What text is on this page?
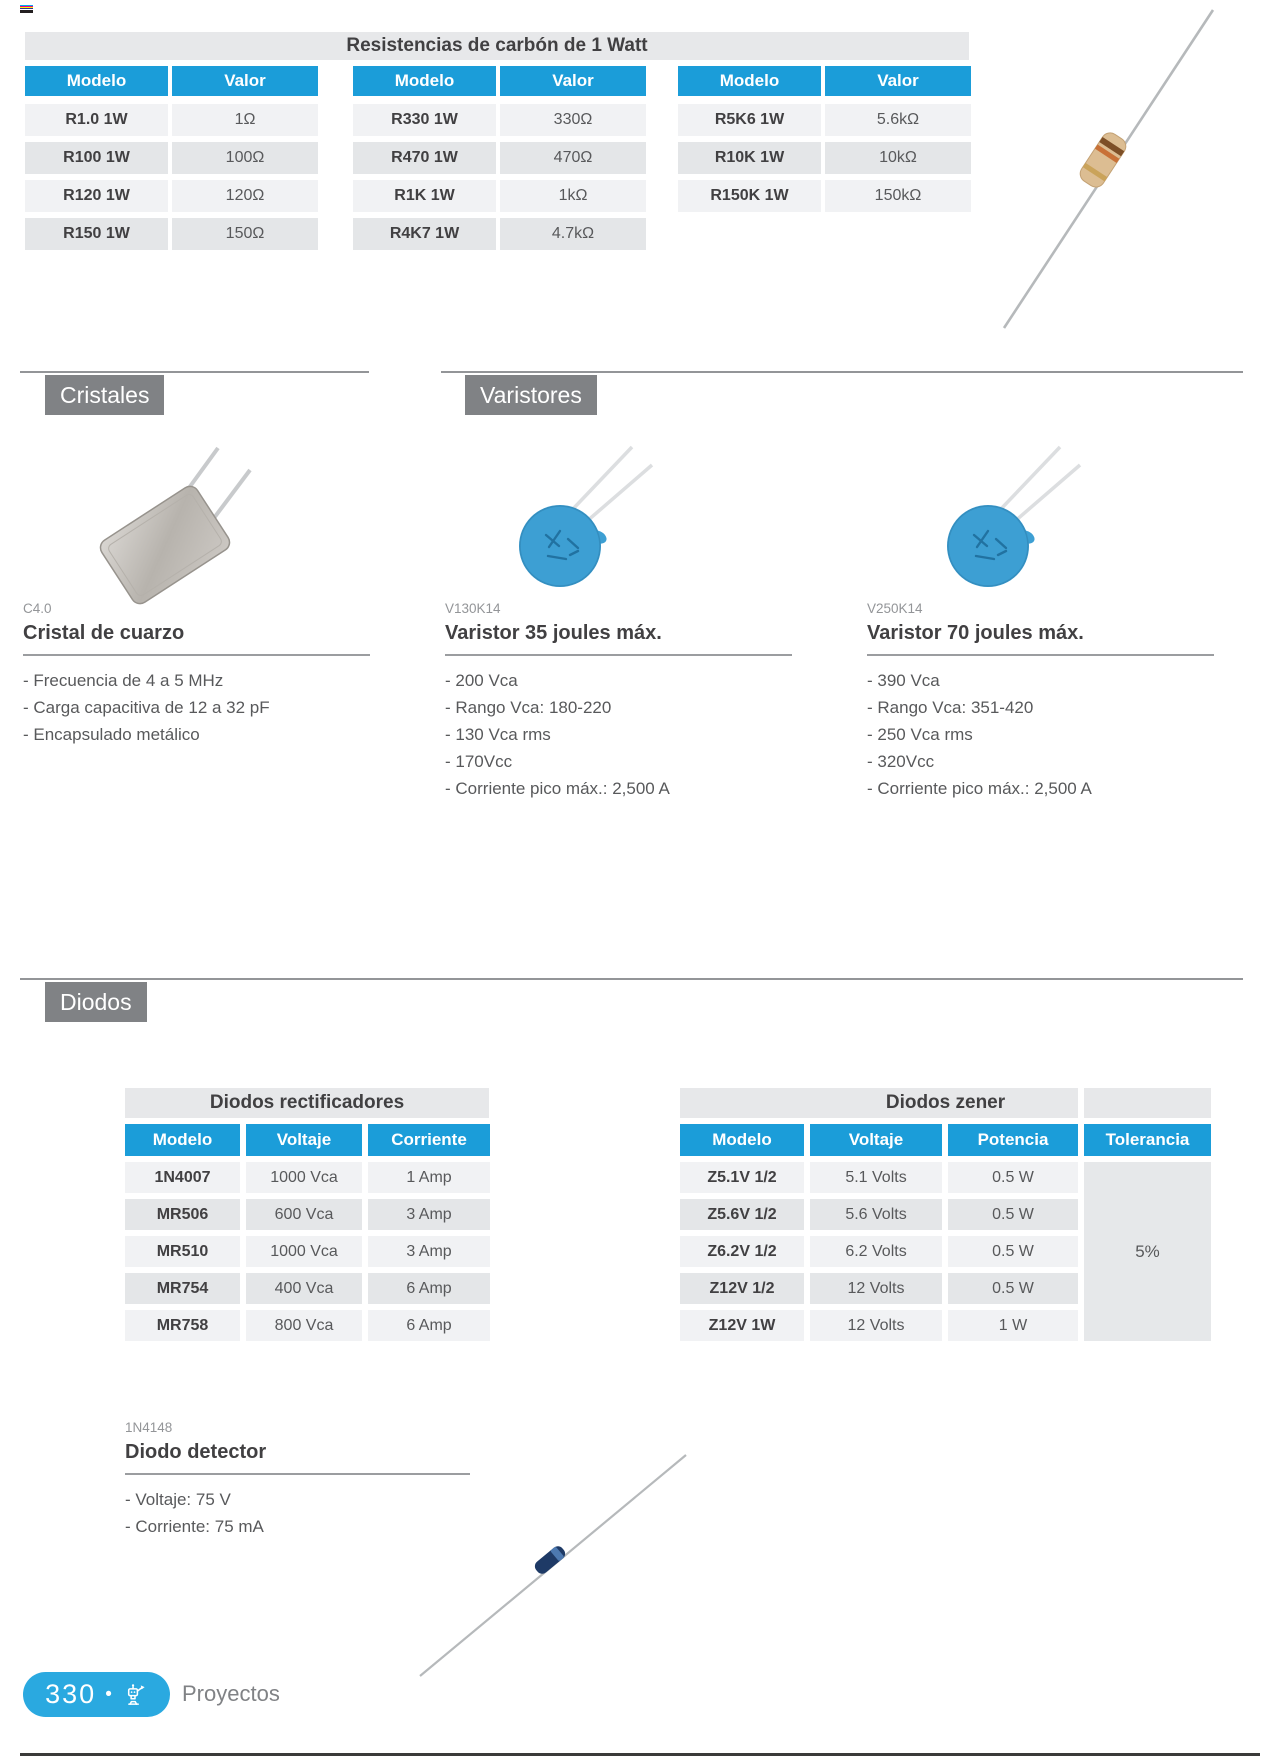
Resistencias de carbón de 1 Watt
Modelo	Valor
R1.0 1W	1Ω
R100 1W	100Ω
R120 1W	120Ω
R150 1W	150Ω
Modelo	Valor
R330 1W	330Ω
R470 1W	470Ω
R1K 1W	1kΩ
R4K7 1W	4.7kΩ
Modelo	Valor
R5K6 1W	5.6kΩ
R10K 1W	10kΩ
R150K 1W	150kΩ
Cristales	Varistores
C4.0
Cristal de cuarzo
- Frecuencia de 4 a 5 MHz
- Carga capacitiva de 12 a 32 pF
- Encapsulado metálico
V130K14
Varistor 35 joules máx.
- 200 Vca
- Rango Vca: 180-220
- 130 Vca rms
- 170Vcc
- Corriente pico máx.: 2,500 A
V250K14
Varistor 70 joules máx.
- 390 Vca
- Rango Vca: 351-420
- 250 Vca rms
- 320Vcc
- Corriente pico máx.: 2,500 A
Diodos
Diodos rectificadores
Modelo	Voltaje	Corriente
1N4007	1000 Vca	1 Amp
MR506	600 Vca	3 Amp
MR510	1000 Vca	3 Amp
MR754	400 Vca	6 Amp
MR758	800 Vca	6 Amp
Diodos zener
Modelo	Voltaje	Potencia	Tolerancia
Z5.1V 1/2	5.1 Volts	0.5 W
Z5.6V 1/2	5.6 Volts	0.5 W
Z6.2V 1/2	6.2 Volts	0.5 W
Z12V 1/2	12 Volts	0.5 W
Z12V 1W	12 Volts	1 W
5%
1N4148
Diodo detector
- Voltaje: 75 V
- Corriente: 75 mA
330 •	Proyectos
